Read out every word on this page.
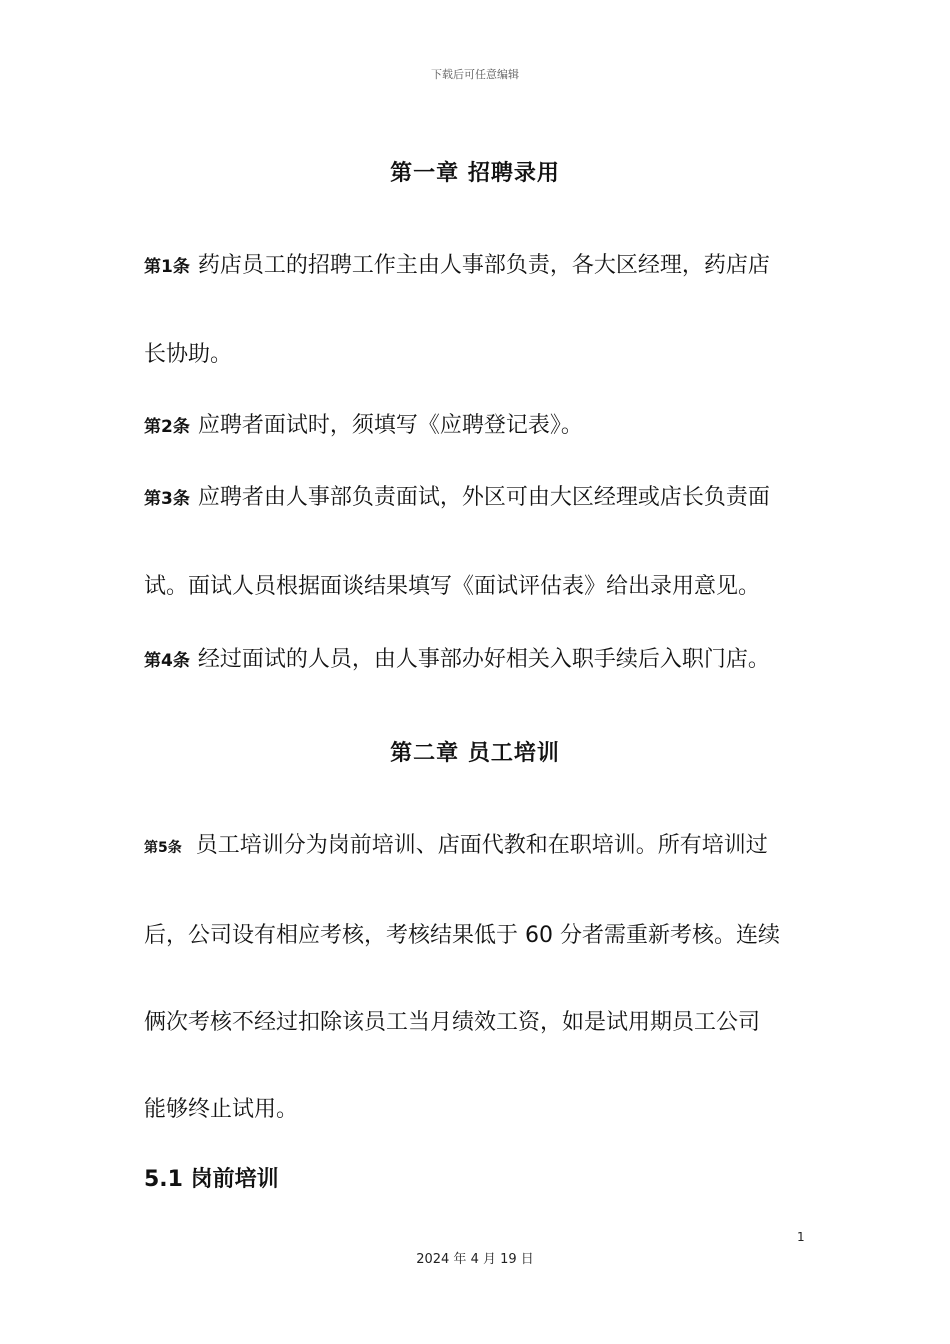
下载后可任意编辑
第一章 招聘录用
第1条 药店员工的招聘工作主由人事部负责，各大区经理，药店店
长协助。
第2条 应聘者面试时，须填写《应聘登记表》。
第3条 应聘者由人事部负责面试，外区可由大区经理或店长负责面
试。面试人员根据面谈结果填写《面试评估表》给出录用意见。
第4条 经过面试的人员，由人事部办好相关入职手续后入职门店。
第二章 员工培训
第5条 员工培训分为岗前培训、店面代教和在职培训。所有培训过
后，公司设有相应考核，考核结果低于 60 分者需重新考核。连续
俩次考核不经过扣除该员工当月绩效工资，如是试用期员工公司
能够终止试用。
5.1 岗前培训
1
2024 年 4 月 19 日
